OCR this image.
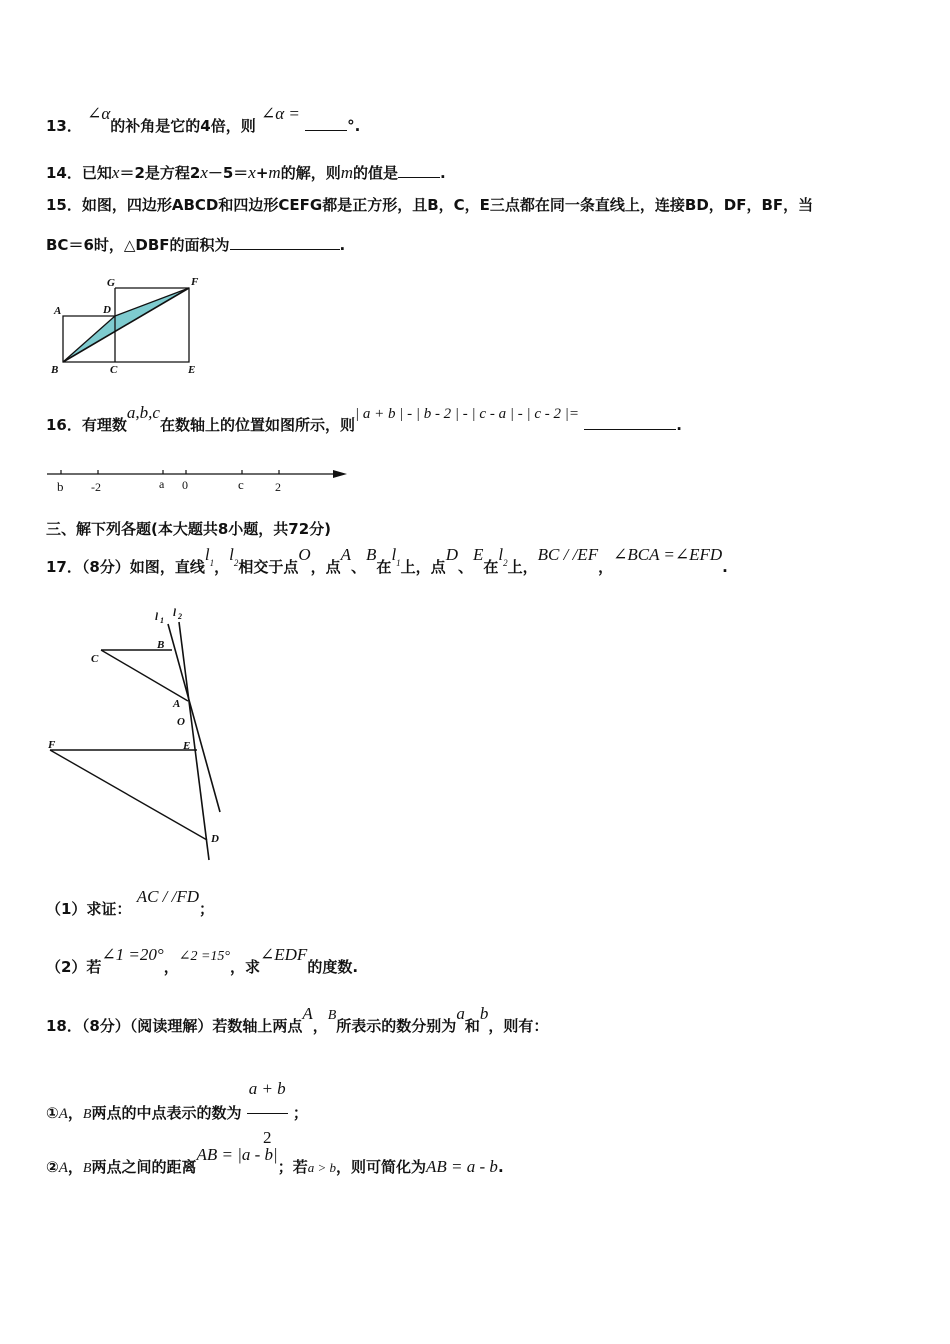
13． ∠α的补角是它的4倍，则 ∠α = °.
14．已知x＝2是方程2x－5＝x+m的解，则m的值是	.
15．如图，四边形ABCD和四边形CEFG都是正方形，且B，C，E三点都在同一条直线上，连接BD，DF，BF，当
BC＝6时，△DBF的面积为	.
G	F
A	D
B	C	E
16．有理数a,b,c在数轴上的位置如图所示，则| a + b | - | b - 2 | - | c - a | - | c - 2 |= .
b -2	a 0	c	2
三、解下列各题(本大题共8小题，共72分)
17．（8分）如图，直线$l^1$，$l^2$相交于点O，点A、B在$l^1$上，点D、E在$l^2$上，BC / /EF，∠BCA =∠EFD.
l 1
l 2
B
C
A
O
F	E
D
（1）求证： AC / /FD；
（2）若∠1 =20°，∠2 =15°，求∠EDF的度数.
18．（8分）（阅读理解）若数轴上两点A，B所表示的数分别为a和b，则有：
①A，B两点的中点表示的数为 $\frac{a + b}{2}$ ；
②A，B两点之间的距离AB = |a - b|；若a > b，则可简化为AB = a - b.
